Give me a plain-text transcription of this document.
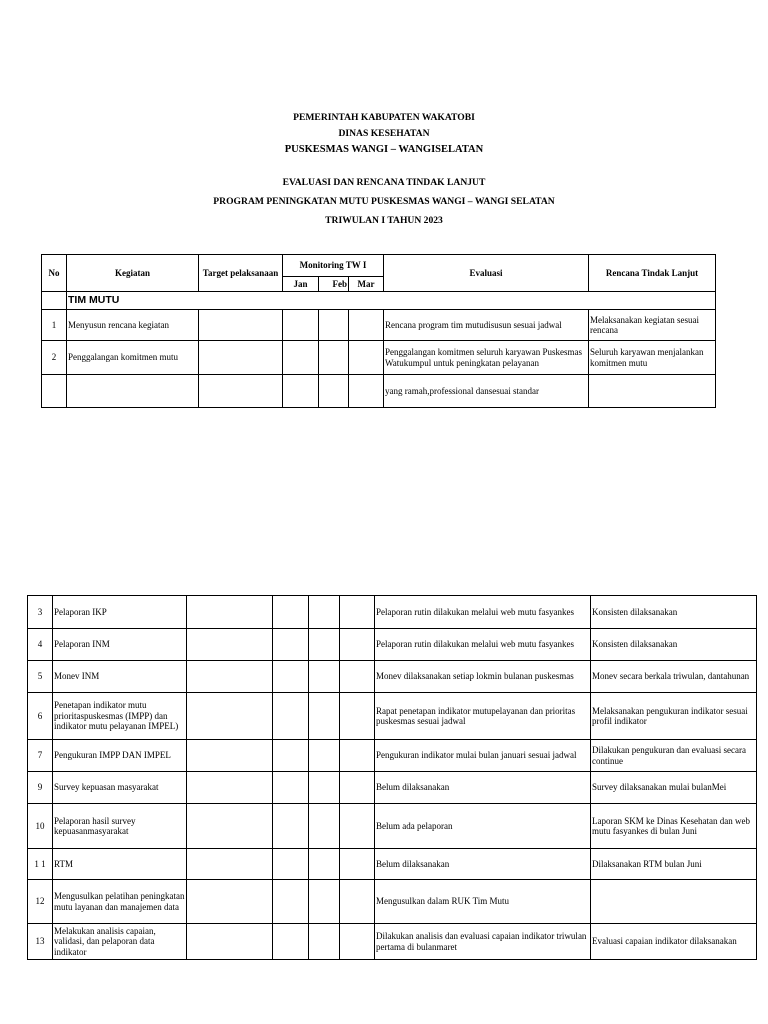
PEMERINTAH KABUPATEN WAKATOBI
DINAS KESEHATAN
PUSKESMAS WANGI – WANGISELATAN
EVALUASI DAN RENCANA TINDAK LANJUT
PROGRAM PENINGKATAN MUTU PUSKESMAS WANGI – WANGI SELATAN
TRIWULAN I TAHUN 2023
No	Kegiatan	Target pelaksanaan	Monitoring TW I			Evaluasi	Rencana Tindak Lanjut
			Jan	Feb	Mar		
	TIM MUTU						
1	Menyusun rencana kegiatan					Rencana program tim mutudisusun sesuai jadwal	Melaksanakan kegiatan sesuai rencana
2	Penggalangan komitmen mutu					Penggalangan komitmen seluruh karyawan Puskesmas Watukumpul untuk peningkatan pelayanan	Seluruh karyawan menjalankan komitmen mutu
						yang ramah,professional dansesuai standar	
3	Pelaporan IKP					Pelaporan rutin dilakukan melalui web mutu fasyankes	Konsisten dilaksanakan
4	Pelaporan INM					Pelaporan rutin dilakukan melalui web mutu fasyankes	Konsisten dilaksanakan
5	Monev INM					Monev dilaksanakan setiap lokmin bulanan puskesmas	Monev secara berkala triwulan, dantahunan
6	Penetapan indikator mutu prioritaspuskesmas (IMPP) dan indikator mutu pelayanan IMPEL)					Rapat penetapan indikator mutupelayanan dan prioritas puskesmas sesuai jadwal	Melaksanakan pengukuran indikator sesuai profil indikator
7	Pengukuran IMPP DAN IMPEL					Pengukuran indikator mulai bulan januari sesuai jadwal	Dilakukan pengukuran dan evaluasi secara continue
9	Survey kepuasan masyarakat					Belum dilaksanakan	Survey dilaksanakan mulai bulanMei
10	Pelaporan hasil survey kepuasanmasyarakat					Belum ada pelaporan	Laporan SKM ke Dinas Kesehatan dan web mutu fasyankes di bulan Juni
1 1	RTM					Belum dilaksanakan	Dilaksanakan RTM bulan Juni
12	Mengusulkan pelatihan peningkatan mutu layanan dan manajemen data					Mengusulkan dalam RUK Tim Mutu	
13	Melakukan analisis capaian, validasi, dan pelaporan data indikator					Dilakukan analisis dan evaluasi capaian indikator triwulan pertama di bulanmaret	Evaluasi capaian indikator dilaksanakan
